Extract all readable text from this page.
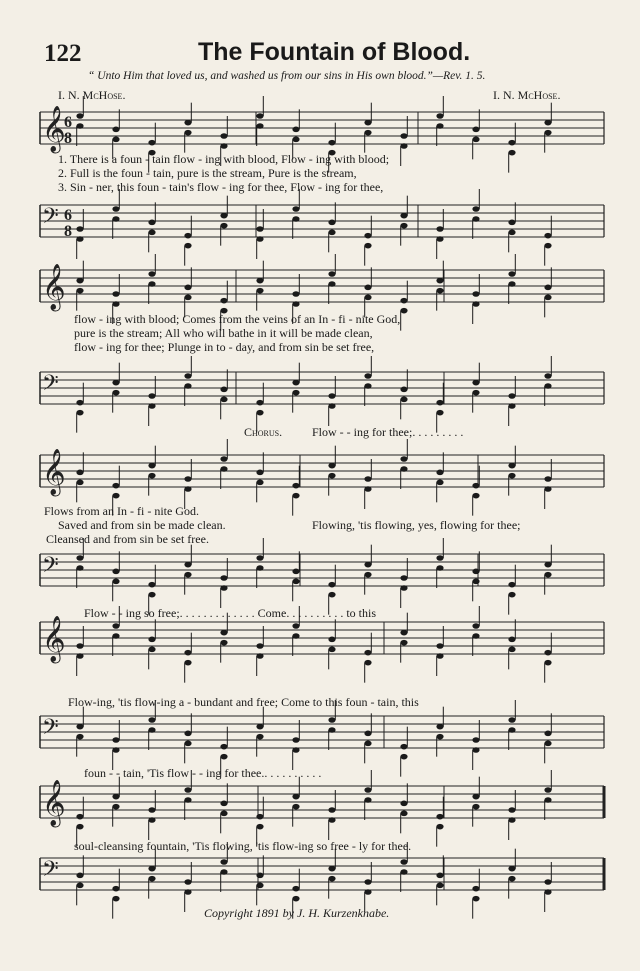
122	The Fountain of Blood.
“ Unto Him that loved us, and washed us from our sins in His own blood.”—Rev. 1. 5.
I. N. McHose.	I. N. McHose.
𝄞
𝄢
𝄞
𝄢
𝄞
𝄢
𝄞
𝄢
𝄞
𝄢
6
8
6
8
1. There is a foun - tain flow - ing with blood, Flow - ing with blood;
2. Full is the foun - tain, pure is the stream, Pure is the stream,
3. Sin - ner, this foun - tain's flow - ing for thee, Flow - ing for thee,
flow - ing with blood; Comes from the veins of an In - fi - nite God,
pure is the stream; All who will bathe in it will be made clean,
flow - ing for thee; Plunge in to - day, and from sin be set free,
Chorus. Flow - - ing for thee;. . . . . . . . .
Flows from an In - fi - nite God.
Saved and from sin be made clean.
Cleansed and from sin be set free.
Flowing, 'tis flowing, yes, flowing for thee;
Flow - - ing so free;. . . . . . . . . . . . . Come. . . . . . . . . . to this
Flow-ing, 'tis flow-ing a - bundant and free; Come to this foun - tain, this
foun - - tain, 'Tis flow - - ing for thee.. . . . . . . . . .
soul-cleansing fountain, 'Tis flowing, 'tis flow-ing so free - ly for thee.
Copyright 1891 by J. H. Kurzenknabe.
